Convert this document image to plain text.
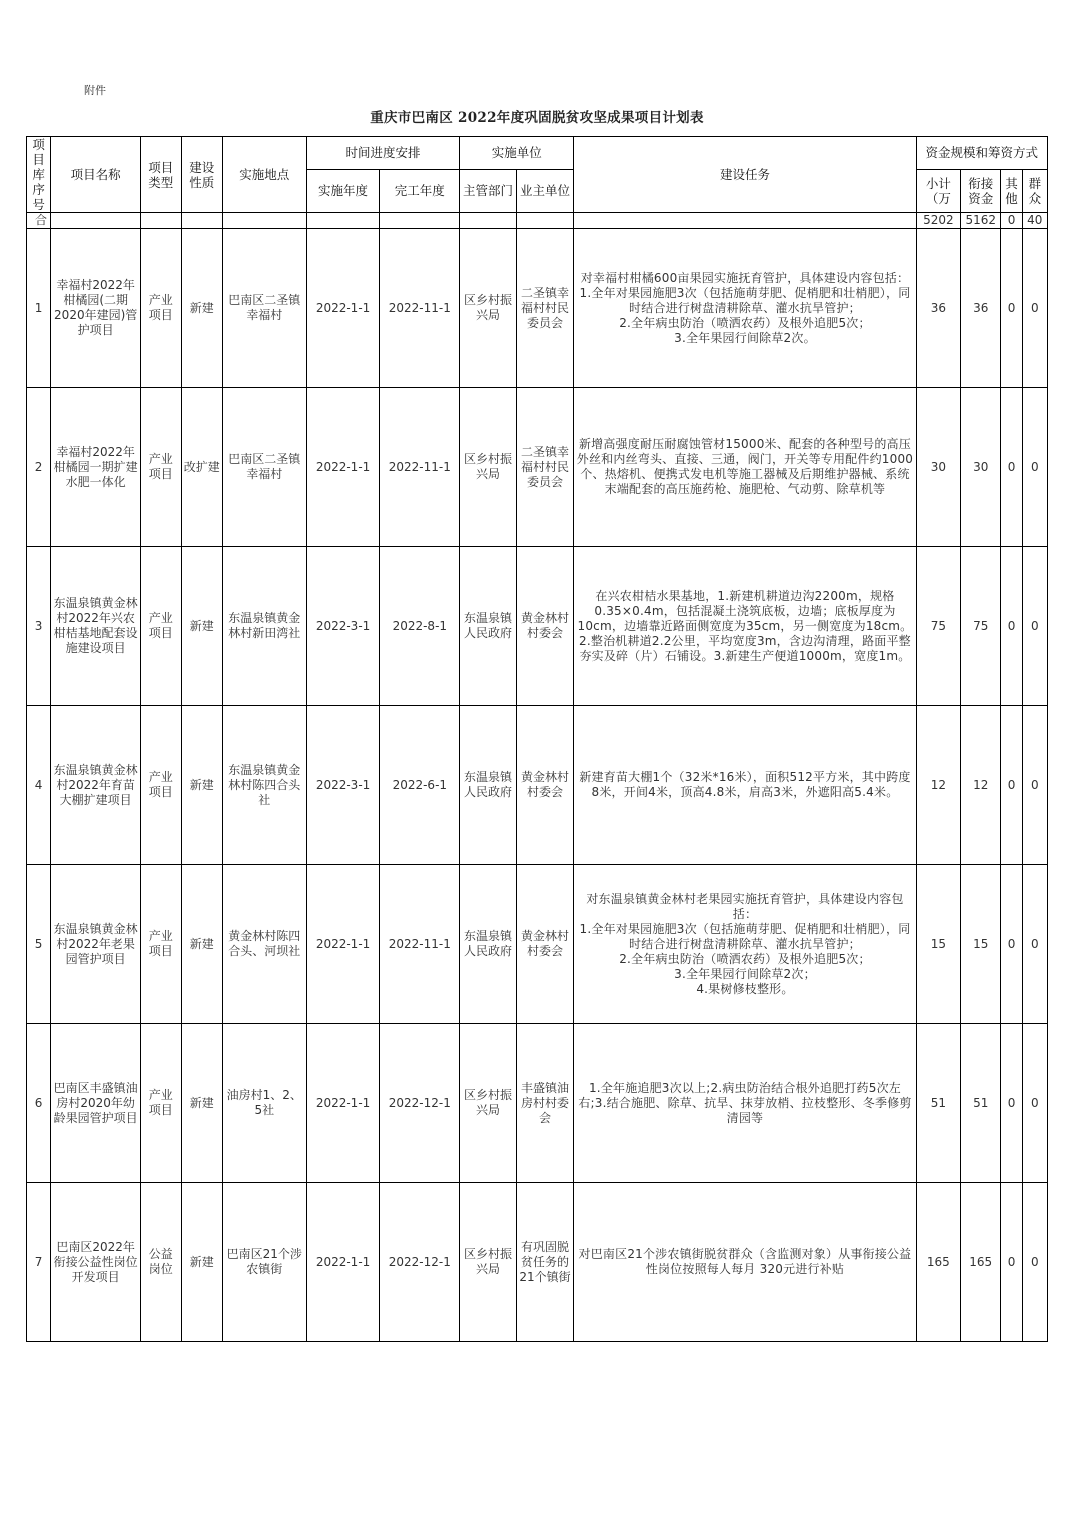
附件
重庆市巴南区 2022年度巩固脱贫攻坚成果项目计划表
项目库序号	项目名称	项目类型	建设性质	实施地点	时间进度安排		实施单位		建设任务	资金规模和筹资方式			
					实施年度	完工年度	主管部门	业主单位		小计（万	衔接资金	其他	群众
合										5202	5162	0	40
1	幸福村2022年柑橘园(二期2020年建园)管护项目	产业项目	新建	巴南区二圣镇幸福村	2022-1-1	2022-11-1	区乡村振兴局	二圣镇幸福村村民委员会	对幸福村柑橘600亩果园实施抚育管护，具体建设内容包括：
1.全年对果园施肥3次（包括施萌芽肥、促梢肥和壮梢肥），同时结合进行树盘清耕除草、灌水抗旱管护；
2.全年病虫防治（喷洒农药）及根外追肥5次；
3.全年果园行间除草2次。	36	36	0	0
2	幸福村2022年柑橘园一期扩建水肥一体化	产业项目	改扩建	巴南区二圣镇幸福村	2022-1-1	2022-11-1	区乡村振兴局	二圣镇幸福村村民委员会	新增高强度耐压耐腐蚀管材15000米、配套的各种型号的高压外丝和内丝弯头、直接、三通，阀门，开关等专用配件约1000个、热熔机、便携式发电机等施工器械及后期维护器械、系统末端配套的高压施药枪、施肥枪、气动剪、除草机等	30	30	0	0
3	东温泉镇黄金林村2022年兴农柑桔基地配套设施建设项目	产业项目	新建	东温泉镇黄金林村新田湾社	2022-3-1	2022-8-1	东温泉镇人民政府	黄金林村村委会	在兴农柑桔水果基地，1.新建机耕道边沟2200m，规格0.35×0.4m，包括混凝土浇筑底板，边墙；底板厚度为10cm，边墙靠近路面侧宽度为35cm，另一侧宽度为18cm。2.整治机耕道2.2公里，平均宽度3m，含边沟清理，路面平整夯实及碎（片）石铺设。3.新建生产便道1000m，宽度1m。	75	75	0	0
4	东温泉镇黄金林村2022年育苗大棚扩建项目	产业项目	新建	东温泉镇黄金林村陈四合头社	2022-3-1	2022-6-1	东温泉镇人民政府	黄金林村村委会	新建育苗大棚1个（32米*16米），面积512平方米，其中跨度8米，开间4米，顶高4.8米，肩高3米，外遮阳高5.4米。	12	12	0	0
5	东温泉镇黄金林村2022年老果园管护项目	产业项目	新建	黄金林村陈四合头、河坝社	2022-1-1	2022-11-1	东温泉镇人民政府	黄金林村村委会	对东温泉镇黄金林村老果园实施抚育管护，具体建设内容包括：
1.全年对果园施肥3次（包括施萌芽肥、促梢肥和壮梢肥），同时结合进行树盘清耕除草、灌水抗旱管护；
2.全年病虫防治（喷洒农药）及根外追肥5次；
3.全年果园行间除草2次；
4.果树修枝整形。	15	15	0	0
6	巴南区丰盛镇油房村2020年幼龄果园管护项目	产业项目	新建	油房村1、2、5社	2022-1-1	2022-12-1	区乡村振兴局	丰盛镇油房村村委会	1.全年施追肥3次以上;2.病虫防治结合根外追肥打药5次左右;3.结合施肥、除草、抗旱、抹芽放梢、拉枝整形、冬季修剪清园等	51	51	0	0
7	巴南区2022年衔接公益性岗位开发项目	公益岗位	新建	巴南区21个涉农镇街	2022-1-1	2022-12-1	区乡村振兴局	有巩固脱贫任务的21个镇街	对巴南区21个涉农镇街脱贫群众（含监测对象）从事衔接公益性岗位按照每人每月 320元进行补贴	165	165	0	0
